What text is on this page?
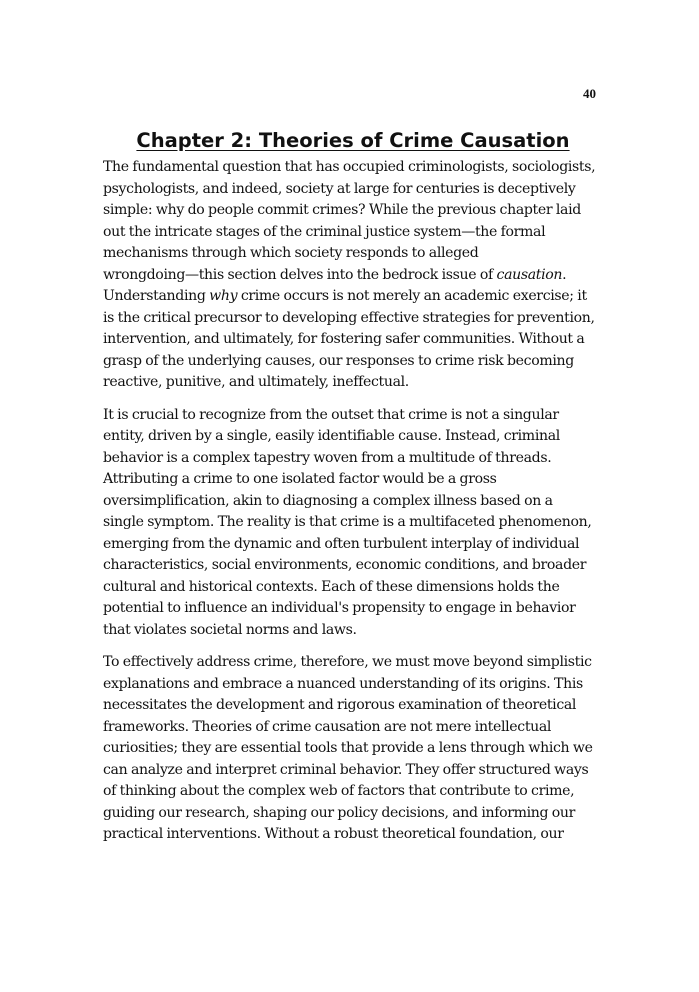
40
Chapter 2: Theories of Crime Causation

The fundamental question that has occupied criminologists, sociologists,
psychologists, and indeed, society at large for centuries is deceptively
simple: why do people commit crimes? While the previous chapter laid
out the intricate stages of the criminal justice system—the formal
mechanisms through which society responds to alleged
wrongdoing—this section delves into the bedrock issue of causation.
Understanding why crime occurs is not merely an academic exercise; it
is the critical precursor to developing effective strategies for prevention,
intervention, and ultimately, for fostering safer communities. Without a
grasp of the underlying causes, our responses to crime risk becoming
reactive, punitive, and ultimately, ineffectual.

It is crucial to recognize from the outset that crime is not a singular
entity, driven by a single, easily identifiable cause. Instead, criminal
behavior is a complex tapestry woven from a multitude of threads.
Attributing a crime to one isolated factor would be a gross
oversimplification, akin to diagnosing a complex illness based on a
single symptom. The reality is that crime is a multifaceted phenomenon,
emerging from the dynamic and often turbulent interplay of individual
characteristics, social environments, economic conditions, and broader
cultural and historical contexts. Each of these dimensions holds the
potential to influence an individual's propensity to engage in behavior
that violates societal norms and laws.

To effectively address crime, therefore, we must move beyond simplistic
explanations and embrace a nuanced understanding of its origins. This
necessitates the development and rigorous examination of theoretical
frameworks. Theories of crime causation are not mere intellectual
curiosities; they are essential tools that provide a lens through which we
can analyze and interpret criminal behavior. They offer structured ways
of thinking about the complex web of factors that contribute to crime,
guiding our research, shaping our policy decisions, and informing our
practical interventions. Without a robust theoretical foundation, our
